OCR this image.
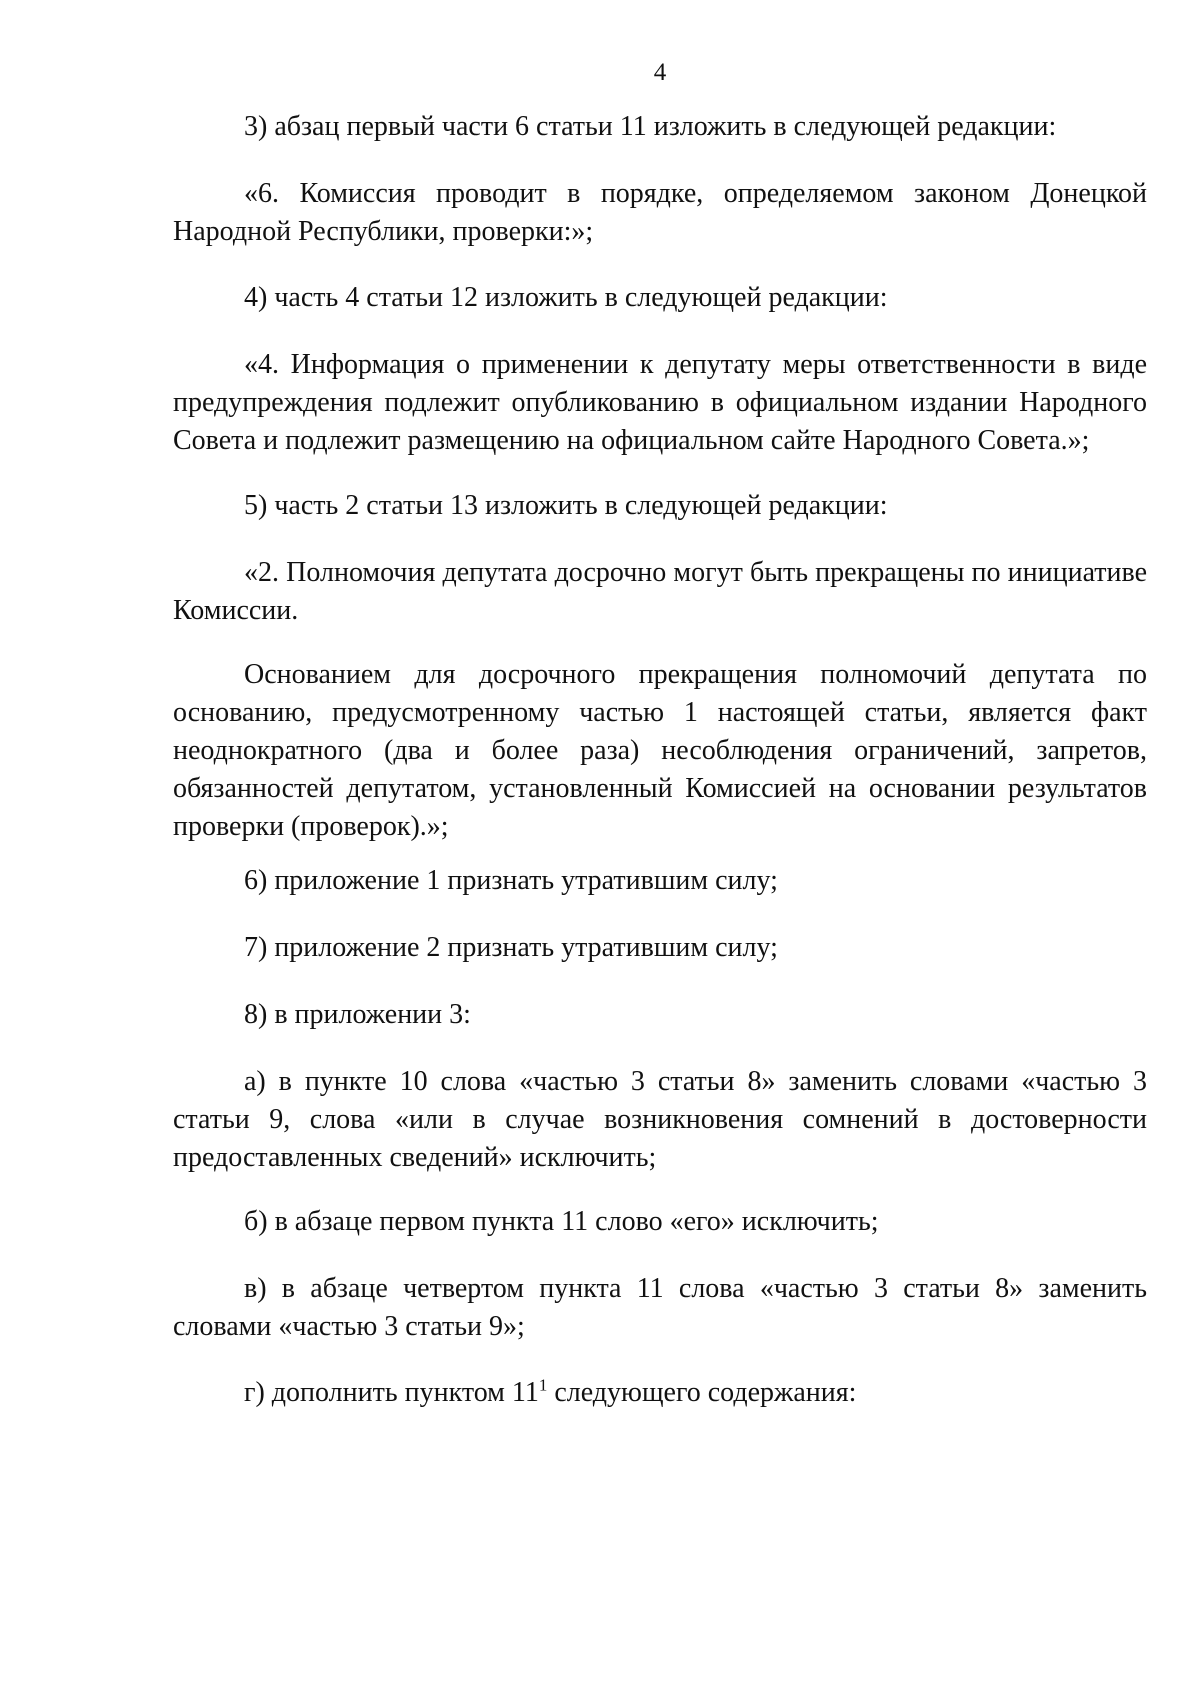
4

3) абзац первый части 6 статьи 11 изложить в следующей редакции:

«6. Комиссия проводит в порядке, определяемом законом Донецкой Народной Республики, проверки:»;

4) часть 4 статьи 12 изложить в следующей редакции:

«4. Информация о применении к депутату меры ответственности в виде предупреждения подлежит опубликованию в официальном издании Народного Совета и подлежит размещению на официальном сайте Народного Совета.»;

5) часть 2 статьи 13 изложить в следующей редакции:

«2. Полномочия депутата досрочно могут быть прекращены по инициативе Комиссии.

Основанием для досрочного прекращения полномочий депутата по основанию, предусмотренному частью 1 настоящей статьи, является факт неоднократного (два и более раза) несоблюдения ограничений, запретов, обязанностей депутатом, установленный Комиссией на основании результатов проверки (проверок).»;

6) приложение 1 признать утратившим силу;

7) приложение 2 признать утратившим силу;

8) в приложении 3:

а) в пункте 10 слова «частью 3 статьи 8» заменить словами «частью 3 статьи 9, слова «или в случае возникновения сомнений в достоверности предоставленных сведений» исключить;

б) в абзаце первом пункта 11 слово «его» исключить;

в) в абзаце четвертом пункта 11 слова «частью 3 статьи 8» заменить словами «частью 3 статьи 9»;

г) дополнить пунктом $11^1$ следующего содержания:
